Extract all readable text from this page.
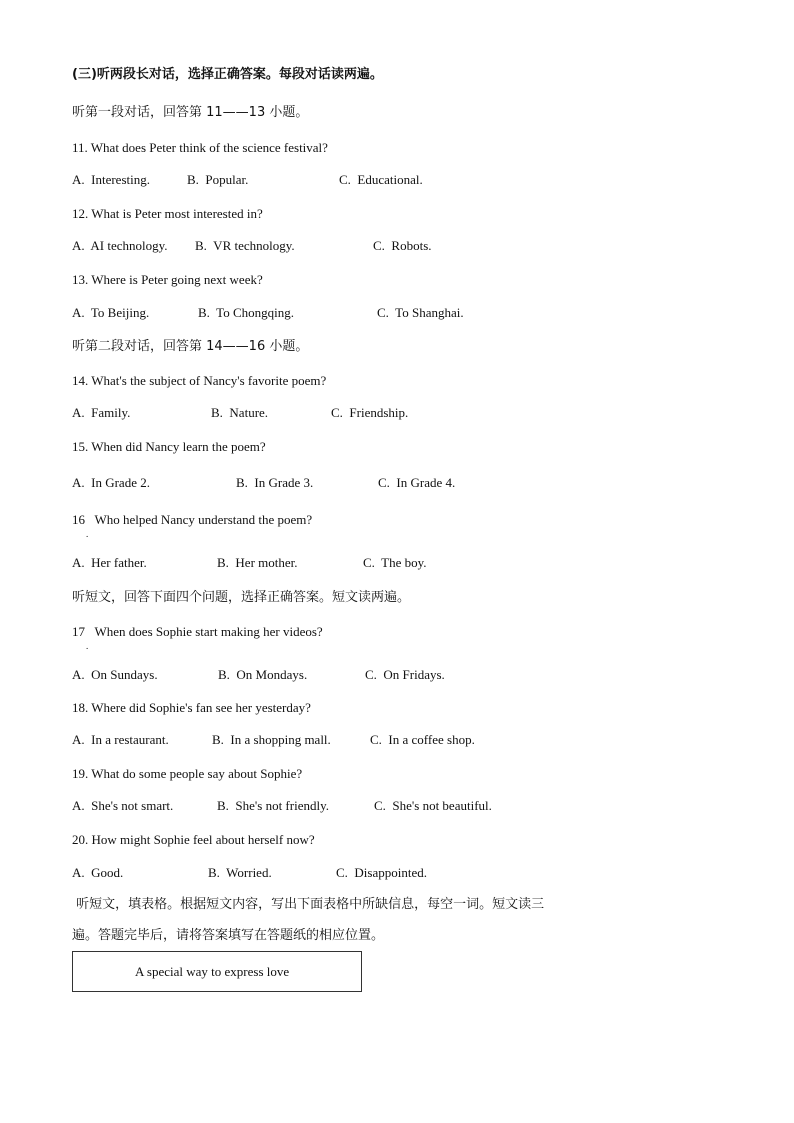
(三)听两段长对话，选择正确答案。每段对话读两遍。
听第一段对话，回答第 11——13 小题。
11. What does Peter think of the science festival?
A.  Interesting.	B.  Popular.	C.  Educational.
12. What is Peter most interested in?
A.  AI technology. B.  VR technology.	C.  Robots.
13. Where is Peter going next week?
A.  To Beijing.	B.  To Chongqing.	C.  To Shanghai.
听第二段对话，回答第 14——16 小题。
14. What's the subject of Nancy's favorite poem?
A.  Family.	B.  Nature.	C.  Friendship.
15. When did Nancy learn the poem?
A.  In Grade 2.	B.  In Grade 3.	C.  In Grade 4.
16   Who helped Nancy understand the poem?
.
A.  Her father.	B.  Her mother.	C.  The boy.
听短文，回答下面四个问题，选择正确答案。短文读两遍。
17   When does Sophie start making her videos?
.
A.  On Sundays.	B.  On Mondays.	C.  On Fridays.
18. Where did Sophie's fan see her yesterday?
A.  In a restaurant.	B.  In a shopping mall.	C.  In a coffee shop.
19. What do some people say about Sophie?
A.  She's not smart.	B.  She's not friendly.	C.  She's not beautiful.
20. How might Sophie feel about herself now?
A.  Good.	B.  Worried.	C.  Disappointed.
听短文，填表格。根据短文内容，写出下面表格中所缺信息，每空一词。短文读三
遍。答题完毕后，请将答案填写在答题纸的相应位置。
A special way to express love
